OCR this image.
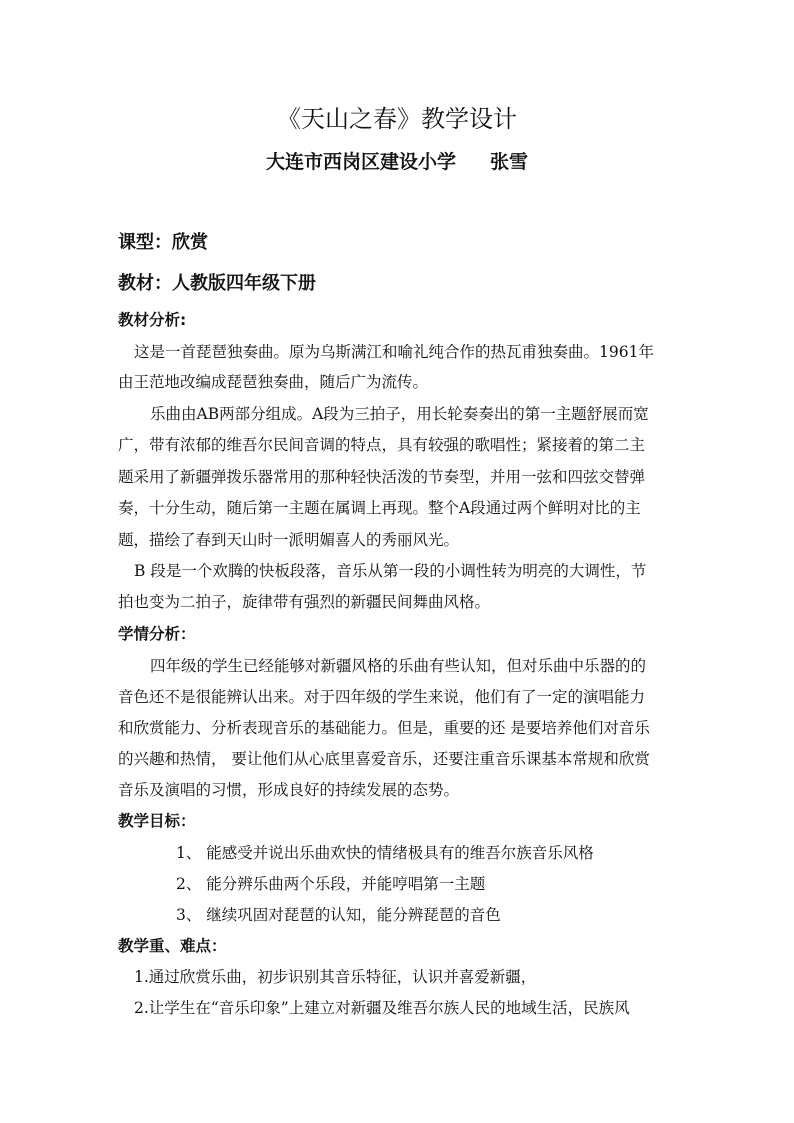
《天山之春》教学设计
大连市西岗区建设小学 张雪
课型：欣赏
教材：人教版四年级下册
教材分析:
这是一首琵琶独奏曲。原为乌斯满江和喻礼纯合作的热瓦甫独奏曲。1961年
由王范地改编成琵琶独奏曲，随后广为流传。
乐曲由AB两部分组成。A段为三拍子，用长轮奏奏出的第一主题舒展而宽
广，带有浓郁的维吾尔民间音调的特点，具有较强的歌唱性；紧接着的第二主
题采用了新疆弹拨乐器常用的那种轻快活泼的节奏型，并用一弦和四弦交替弹
奏，十分生动，随后第一主题在属调上再现。整个A段通过两个鲜明对比的主
题，描绘了春到天山时一派明媚喜人的秀丽风光。
B 段是一个欢腾的快板段落，音乐从第一段的小调性转为明亮的大调性，节
拍也变为二拍子，旋律带有强烈的新疆民间舞曲风格。
学情分析：
四年级的学生已经能够对新疆风格的乐曲有些认知，但对乐曲中乐器的的
音色还不是很能辨认出来。对于四年级的学生来说，他们有了一定的演唱能力
和欣赏能力、分析表现音乐的基础能力。但是，重要的还 是要培养他们对音乐
的兴趣和热情， 要让他们从心底里喜爱音乐，还要注重音乐课基本常规和欣赏
音乐及演唱的习惯，形成良好的持续发展的态势。
教学目标：
1、 能感受并说出乐曲欢快的情绪极具有的维吾尔族音乐风格
2、 能分辨乐曲两个乐段，并能哼唱第一主题
3、 继续巩固对琵琶的认知，能分辨琵琶的音色
教学重、难点：
1.通过欣赏乐曲，初步识别其音乐特征，认识并喜爱新疆，
2.让学生在“音乐印象”上建立对新疆及维吾尔族人民的地域生活，民族风
